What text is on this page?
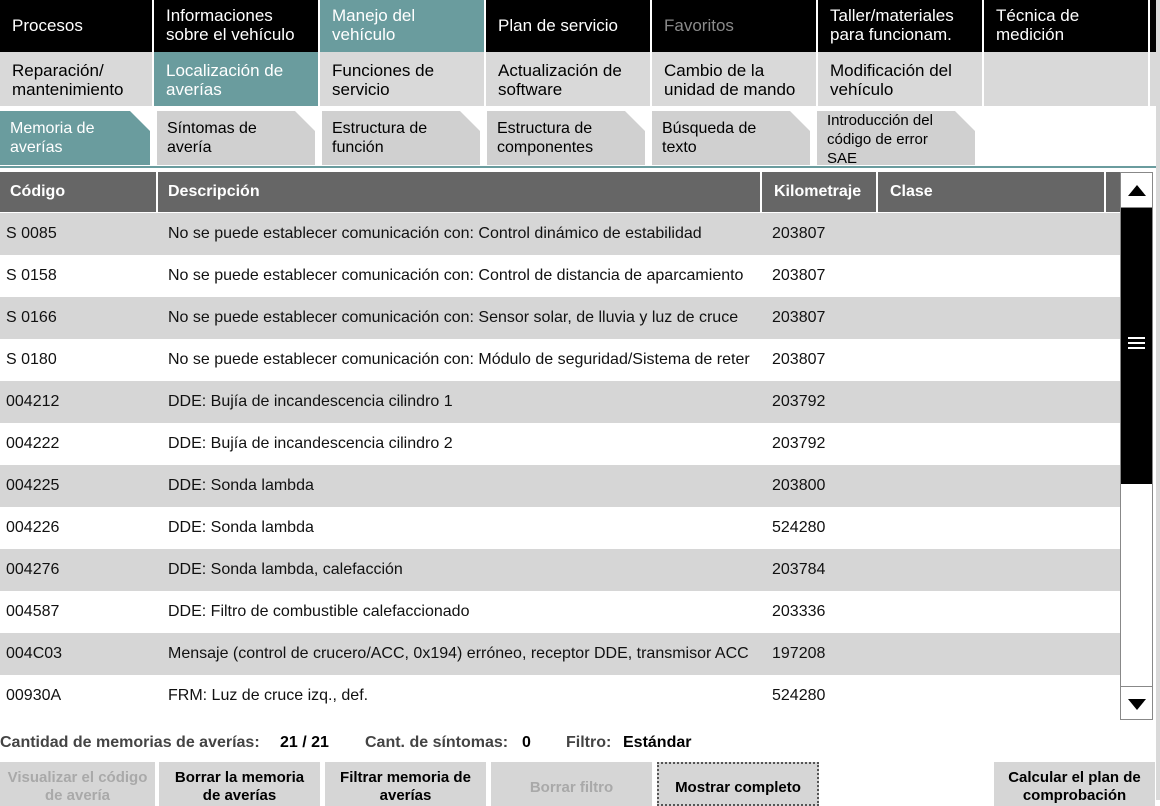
Procesos
Informaciones
sobre el vehículo
Manejo del
vehículo	Plan de servicio	Favoritos
Taller/materiales
para funcionam.
Técnica de
medición
Reparación/
mantenimiento
Localización de
averías
Funciones de
servicio
Actualización de
software
Cambio de la
unidad de mando
Modificación del
vehículo
Memoria de
averías
Síntomas de
avería
Estructura de
función
Estructura de
componentes
Búsqueda de
texto
Introducción del
código de error
SAE
Código	Descripción	Kilometraje	Clase
S 0085	No se puede establecer comunicación con: Control dinámico de estabilidad	203807
S 0158	No se puede establecer comunicación con: Control de distancia de aparcamiento	203807
S 0166	No se puede establecer comunicación con: Sensor solar, de lluvia y luz de cruce	203807
S 0180	No se puede establecer comunicación con: Módulo de seguridad/Sistema de reter	203807
004212	DDE: Bujía de incandescencia cilindro 1	203792
004222	DDE: Bujía de incandescencia cilindro 2	203792
004225	DDE: Sonda lambda	203800
004226	DDE: Sonda lambda	524280
004276	DDE: Sonda lambda, calefacción	203784
004587	DDE: Filtro de combustible calefaccionado	203336
004C03	Mensaje (control de crucero/ACC, 0x194) erróneo, receptor DDE, transmisor ACC	197208
00930A	FRM: Luz de cruce izq., def.	524280
Cantidad de memorias de averías:	21 / 21	Cant. de síntomas: 0	Filtro: Estándar
Visualizar el código
de avería
Borrar la memoria
de averías
Filtrar memoria de
averías	Borrar filtro	Mostrar completo
Calcular el plan de
comprobación
